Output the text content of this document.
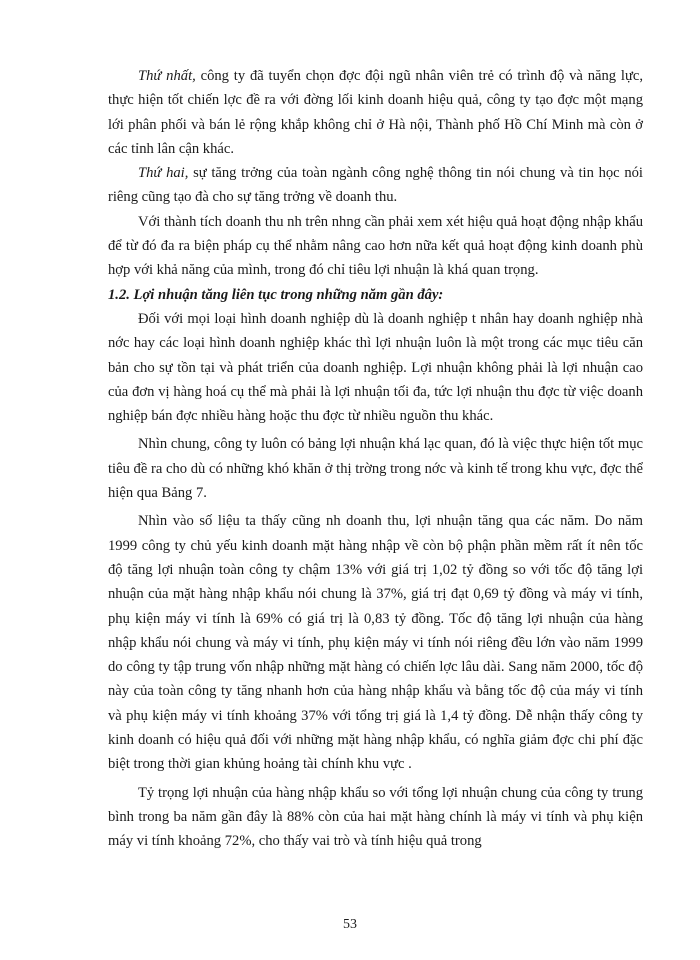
Thứ nhất, công ty đã tuyển chọn đợc đội ngũ nhân viên trẻ có trình độ và năng lực, thực hiện tốt chiến lợc đề ra với đờng lối kinh doanh hiệu quả, công ty tạo đợc một mạng lới phân phối và bán lẻ rộng khắp không chỉ ở Hà nội, Thành phố Hồ Chí Minh mà còn ở các tỉnh lân cận khác.

Thứ hai, sự tăng trởng của toàn ngành công nghệ thông tin nói chung và tin học nói riêng cũng tạo đà cho sự tăng trởng về doanh thu.

Với thành tích doanh thu nh trên nhng cần phải xem xét hiệu quả hoạt động nhập khẩu để từ đó đa ra biện pháp cụ thể nhằm nâng cao hơn nữa kết quả hoạt động kinh doanh phù hợp với khả năng của mình, trong đó chỉ tiêu lợi nhuận là khá quan trọng.

1.2. Lợi nhuận tăng liên tục trong những năm gần đây:

Đối với mọi loại hình doanh nghiệp dù là doanh nghiệp t nhân hay doanh nghiệp nhà nớc hay các loại hình doanh nghiệp khác thì lợi nhuận luôn là một trong các mục tiêu căn bản cho sự tồn tại và phát triển của doanh nghiệp. Lợi nhuận không phải là lợi nhuận cao của đơn vị hàng hoá cụ thể mà phải là lợi nhuận tối đa, tức lợi nhuận thu đợc từ việc doanh nghiệp bán đợc nhiều hàng hoặc thu đợc từ nhiều nguồn thu khác.

Nhìn chung, công ty luôn có bảng lợi nhuận khá lạc quan, đó là việc thực hiện tốt mục tiêu đề ra cho dù có những khó khăn ở thị trờng trong nớc và kinh tế trong khu vực, đợc thể hiện qua Bảng 7.

Nhìn vào số liệu ta thấy cũng nh doanh thu, lợi nhuận tăng qua các năm. Do năm 1999 công ty chủ yếu kinh doanh mặt hàng nhập về còn bộ phận phần mềm rất ít nên tốc độ tăng lợi nhuận toàn công ty chậm 13% với giá trị 1,02 tỷ đồng so với tốc độ tăng lợi nhuận của mặt hàng nhập khẩu nói chung là 37%, giá trị đạt 0,69 tỷ đồng và máy vi tính, phụ kiện máy vi tính là 69% có giá trị là 0,83 tỷ đồng. Tốc độ tăng lợi nhuận của hàng nhập khẩu nói chung và máy vi tính, phụ kiện máy vi tính nói riêng đều lớn vào năm 1999 do công ty tập trung vốn nhập những mặt hàng có chiến lợc lâu dài. Sang năm 2000, tốc độ này của toàn công ty tăng nhanh hơn của hàng nhập khẩu và bằng tốc độ của máy vi tính và phụ kiện máy vi tính khoảng 37% với tổng trị giá là 1,4 tỷ đồng. Dễ nhận thấy công ty kinh doanh có hiệu quả đối với những mặt hàng nhập khẩu, có nghĩa giảm đợc chi phí đặc biệt trong thời gian khủng hoảng tài chính khu vực .

Tỷ trọng lợi nhuận của hàng nhập khẩu so với tổng lợi nhuận chung của công ty trung bình trong ba năm gần đây là 88% còn của hai mặt hàng chính là máy vi tính và phụ kiện máy vi tính khoảng 72%, cho thấy vai trò và tính hiệu quả trong

53
